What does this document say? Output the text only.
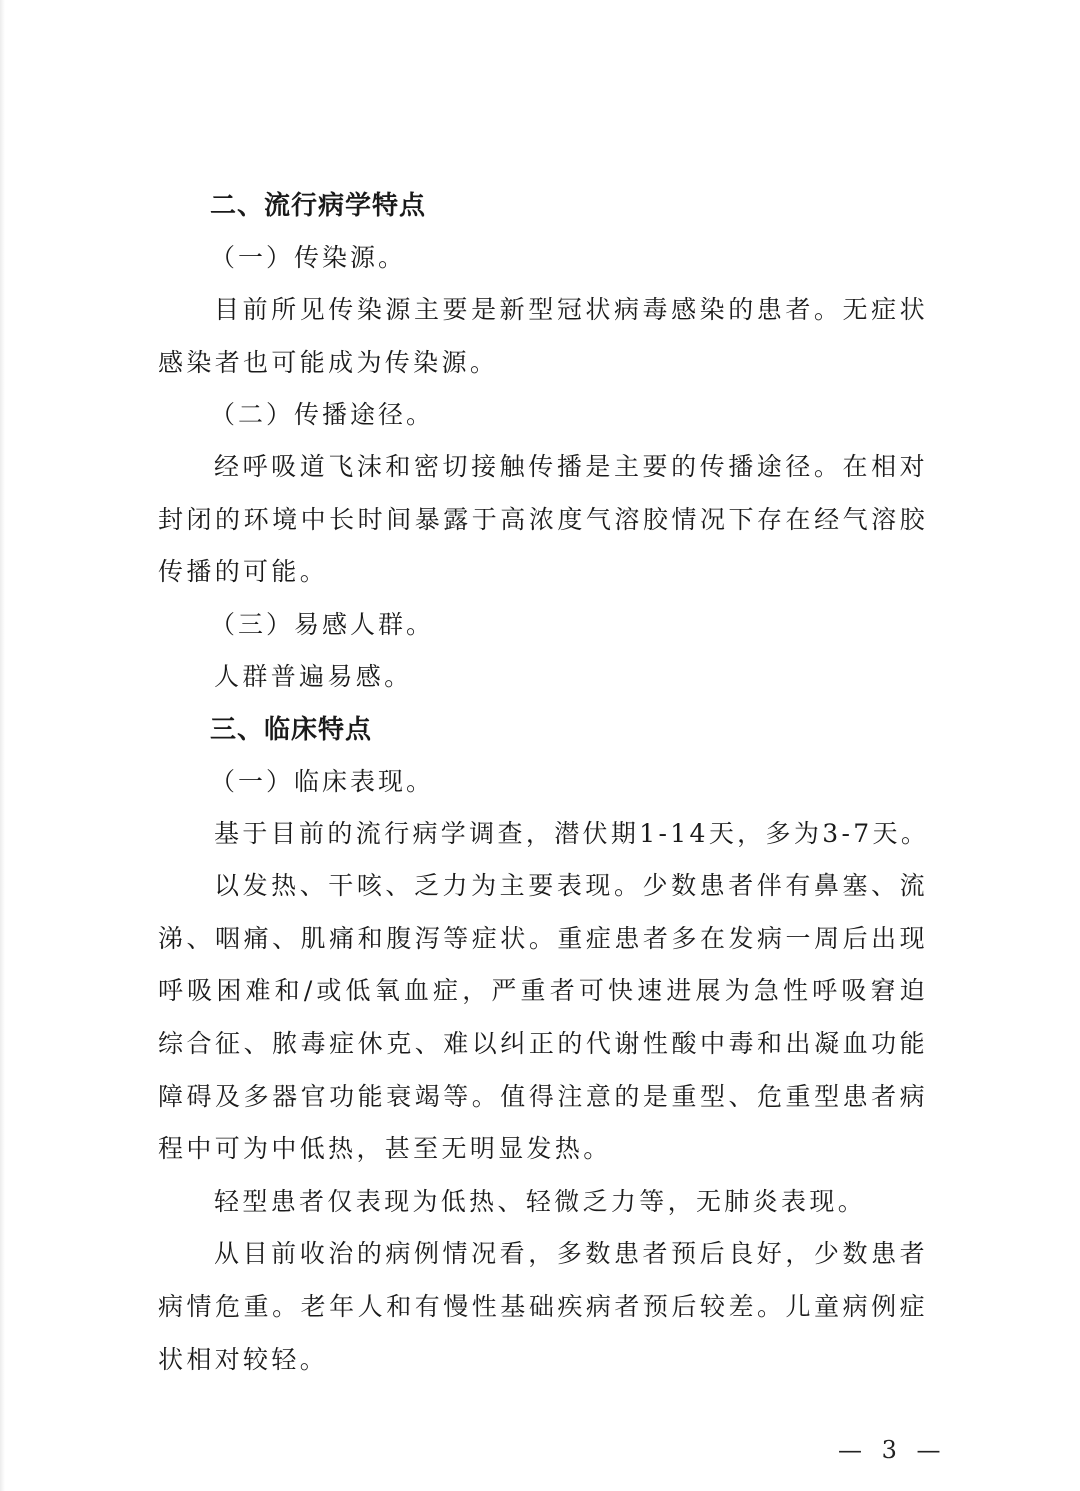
二、流行病学特点

（一）传染源。

目前所见传染源主要是新型冠状病毒感染的患者。无症状感染者也可能成为传染源。

（二）传播途径。

经呼吸道飞沫和密切接触传播是主要的传播途径。在相对封闭的环境中长时间暴露于高浓度气溶胶情况下存在经气溶胶传播的可能。

（三）易感人群。

人群普遍易感。

三、临床特点

（一）临床表现。

基于目前的流行病学调查，潜伏期1-14天，多为3-7天。

以发热、干咳、乏力为主要表现。少数患者伴有鼻塞、流涕、咽痛、肌痛和腹泻等症状。重症患者多在发病一周后出现呼吸困难和/或低氧血症，严重者可快速进展为急性呼吸窘迫综合征、脓毒症休克、难以纠正的代谢性酸中毒和出凝血功能障碍及多器官功能衰竭等。值得注意的是重型、危重型患者病程中可为中低热，甚至无明显发热。

轻型患者仅表现为低热、轻微乏力等，无肺炎表现。

从目前收治的病例情况看，多数患者预后良好，少数患者病情危重。老年人和有慢性基础疾病者预后较差。儿童病例症状相对较轻。

— 3 —
